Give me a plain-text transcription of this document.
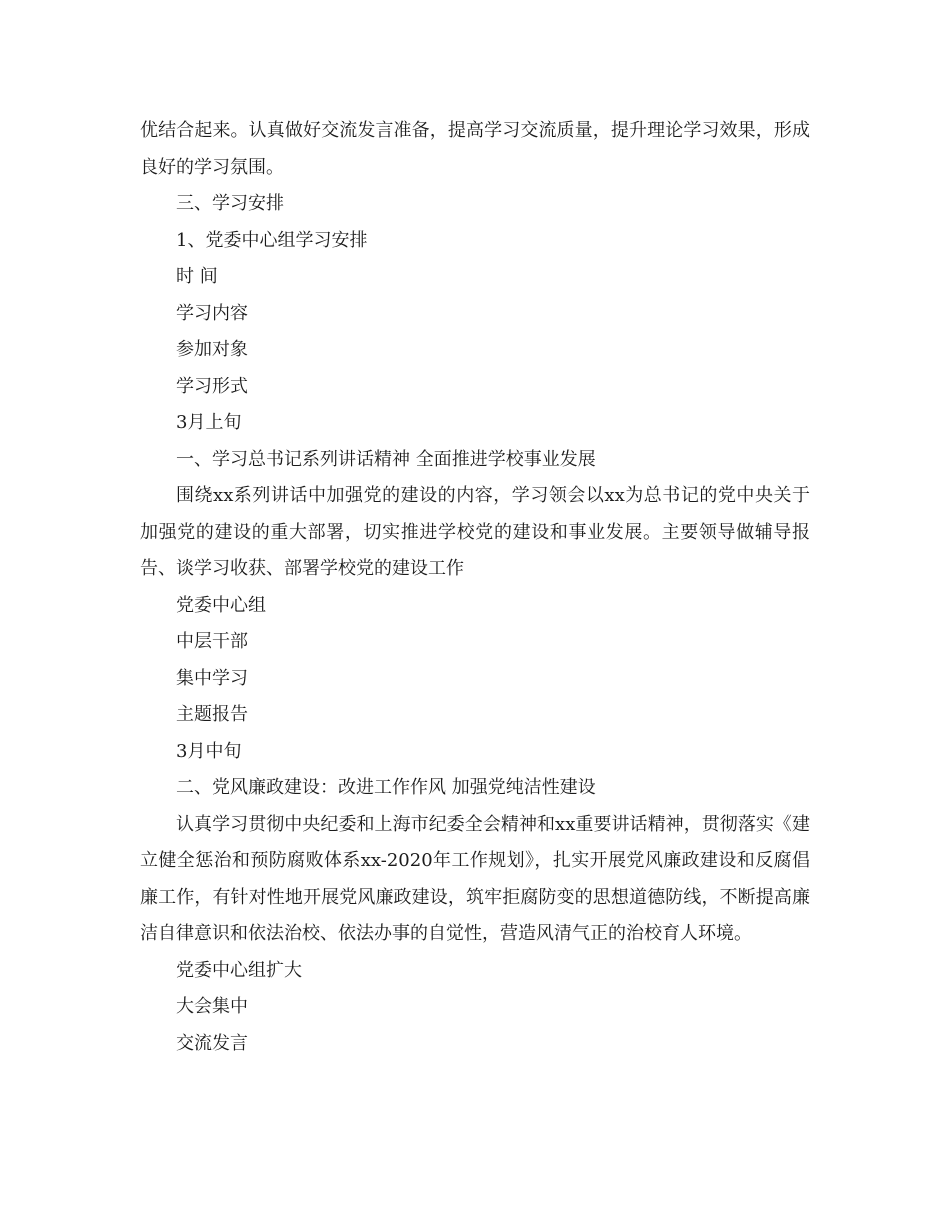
优结合起来。认真做好交流发言准备，提高学习交流质量，提升理论学习效果，形成良好的学习氛围。

三、学习安排

1、党委中心组学习安排

时 间

学习内容

参加对象

学习形式

3月上旬

一、学习总书记系列讲话精神 全面推进学校事业发展

围绕xx系列讲话中加强党的建设的内容，学习领会以xx为总书记的党中央关于加强党的建设的重大部署，切实推进学校党的建设和事业发展。主要领导做辅导报告、谈学习收获、部署学校党的建设工作

党委中心组

中层干部

集中学习

主题报告

3月中旬

二、党风廉政建设：改进工作作风 加强党纯洁性建设

认真学习贯彻中央纪委和上海市纪委全会精神和xx重要讲话精神，贯彻落实《建立健全惩治和预防腐败体系xx-2020年工作规划》，扎实开展党风廉政建设和反腐倡廉工作，有针对性地开展党风廉政建设，筑牢拒腐防变的思想道德防线，不断提高廉洁自律意识和依法治校、依法办事的自觉性，营造风清气正的治校育人环境。

党委中心组扩大

大会集中

交流发言
